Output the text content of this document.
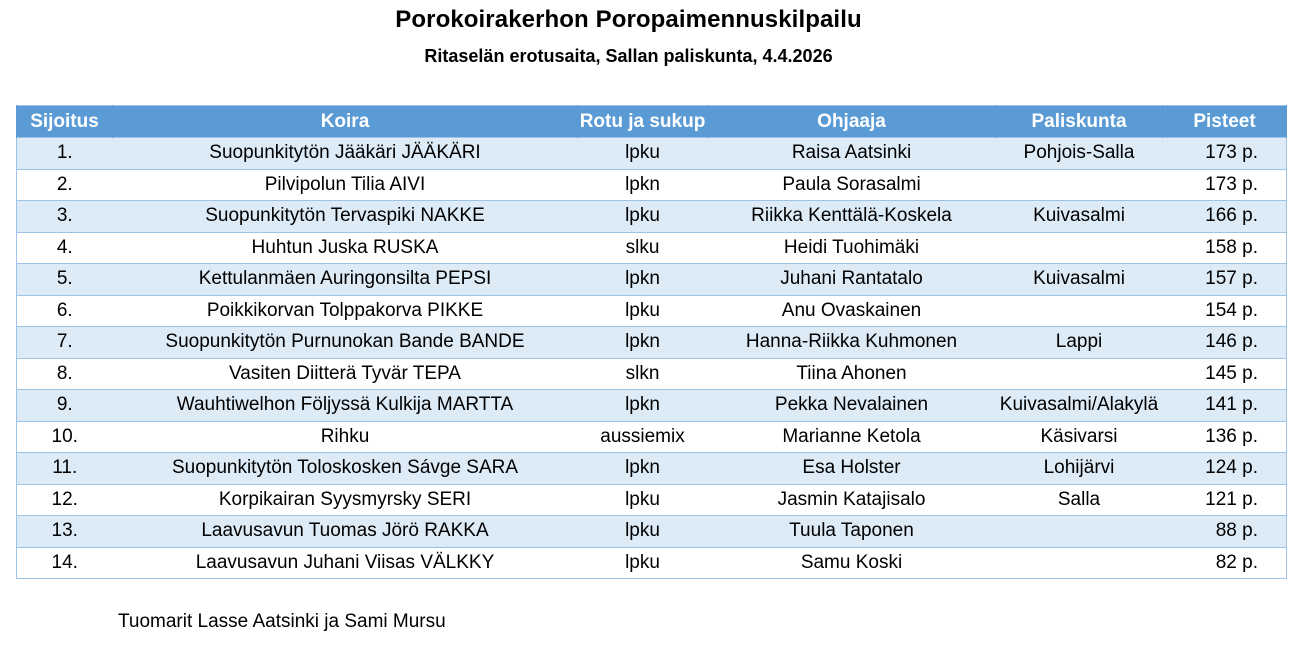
Porokoirakerhon Poropaimennuskilpailu
Ritaselän erotusaita, Sallan paliskunta, 4.4.2026
Sijoitus	Koira	Rotu ja sukup	Ohjaaja	Paliskunta	Pisteet
1.	Suopunkitytön Jääkäri JÄÄKÄRI	lpku	Raisa Aatsinki	Pohjois-Salla	173 p.
2.	Pilvipolun Tilia AIVI	lpkn	Paula Sorasalmi		173 p.
3.	Suopunkitytön Tervaspiki NAKKE	lpku	Riikka Kenttälä-Koskela	Kuivasalmi	166 p.
4.	Huhtun Juska RUSKA	slku	Heidi Tuohimäki		158 p.
5.	Kettulanmäen Auringonsilta PEPSI	lpkn	Juhani Rantatalo	Kuivasalmi	157 p.
6.	Poikkikorvan Tolppakorva PIKKE	lpku	Anu Ovaskainen		154 p.
7.	Suopunkitytön Purnunokan Bande BANDE	lpkn	Hanna-Riikka Kuhmonen	Lappi	146 p.
8.	Vasiten Diitterä Tyvär TEPA	slkn	Tiina Ahonen		145 p.
9.	Wauhtiwelhon Följyssä Kulkija MARTTA	lpkn	Pekka Nevalainen	Kuivasalmi/Alakylä	141 p.
10.	Rihku	aussiemix	Marianne Ketola	Käsivarsi	136 p.
11.	Suopunkitytön Toloskosken Sávge SARA	lpkn	Esa Holster	Lohijärvi	124 p.
12.	Korpikairan Syysmyrsky SERI	lpku	Jasmin Katajisalo	Salla	121 p.
13.	Laavusavun Tuomas Jörö RAKKA	lpku	Tuula Taponen		88 p.
14.	Laavusavun Juhani Viisas VÄLKKY	lpku	Samu Koski		82 p.
Tuomarit Lasse Aatsinki ja Sami Mursu
